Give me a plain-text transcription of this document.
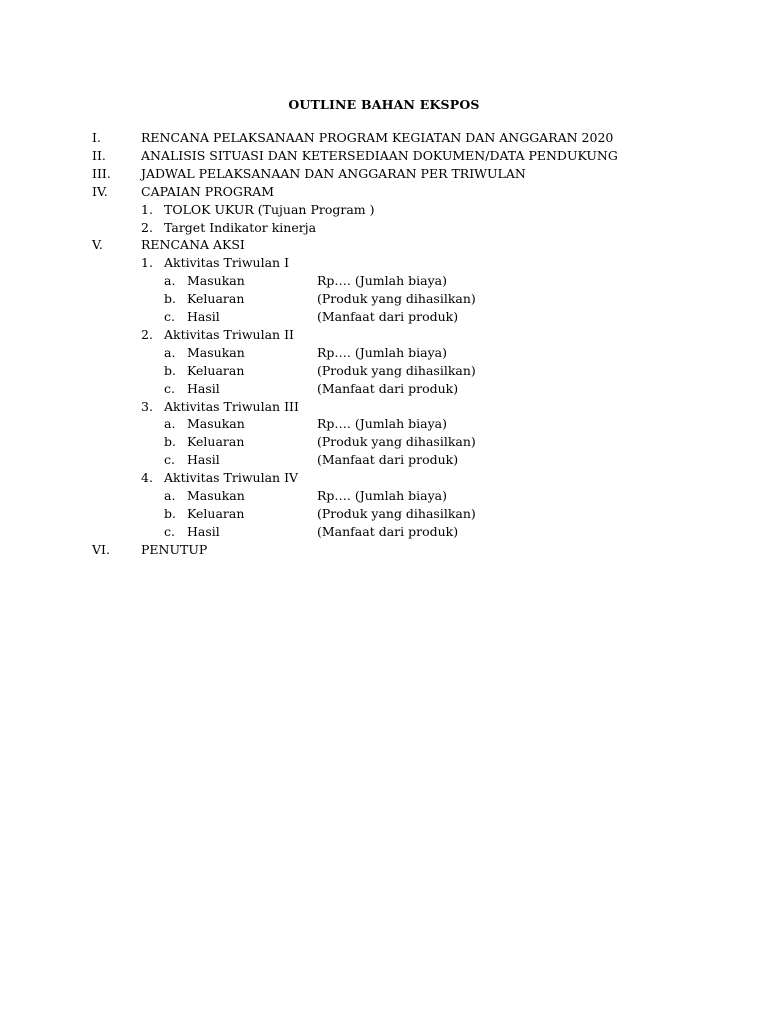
OUTLINE BAHAN EKSPOS
I.	RENCANA PELAKSANAAN PROGRAM KEGIATAN DAN ANGGARAN 2020
II.	ANALISIS SITUASI DAN KETERSEDIAAN DOKUMEN/DATA PENDUKUNG
III. JADWAL PELAKSANAAN DAN ANGGARAN PER TRIWULAN
IV.	CAPAIAN PROGRAM
1. TOLOK UKUR (Tujuan Program )
2. Target Indikator kinerja
V.	RENCANA AKSI
1. Aktivitas Triwulan I
a. Masukan	Rp…. (Jumlah biaya)
b. Keluaran	(Produk yang dihasilkan)
c. Hasil	(Manfaat dari produk)
2. Aktivitas Triwulan II
a. Masukan	Rp…. (Jumlah biaya)
b. Keluaran	(Produk yang dihasilkan)
c. Hasil	(Manfaat dari produk)
3. Aktivitas Triwulan III
a. Masukan	Rp…. (Jumlah biaya)
b. Keluaran	(Produk yang dihasilkan)
c. Hasil	(Manfaat dari produk)
4. Aktivitas Triwulan IV
a. Masukan	Rp…. (Jumlah biaya)
b. Keluaran	(Produk yang dihasilkan)
c. Hasil	(Manfaat dari produk)
VI. PENUTUP
